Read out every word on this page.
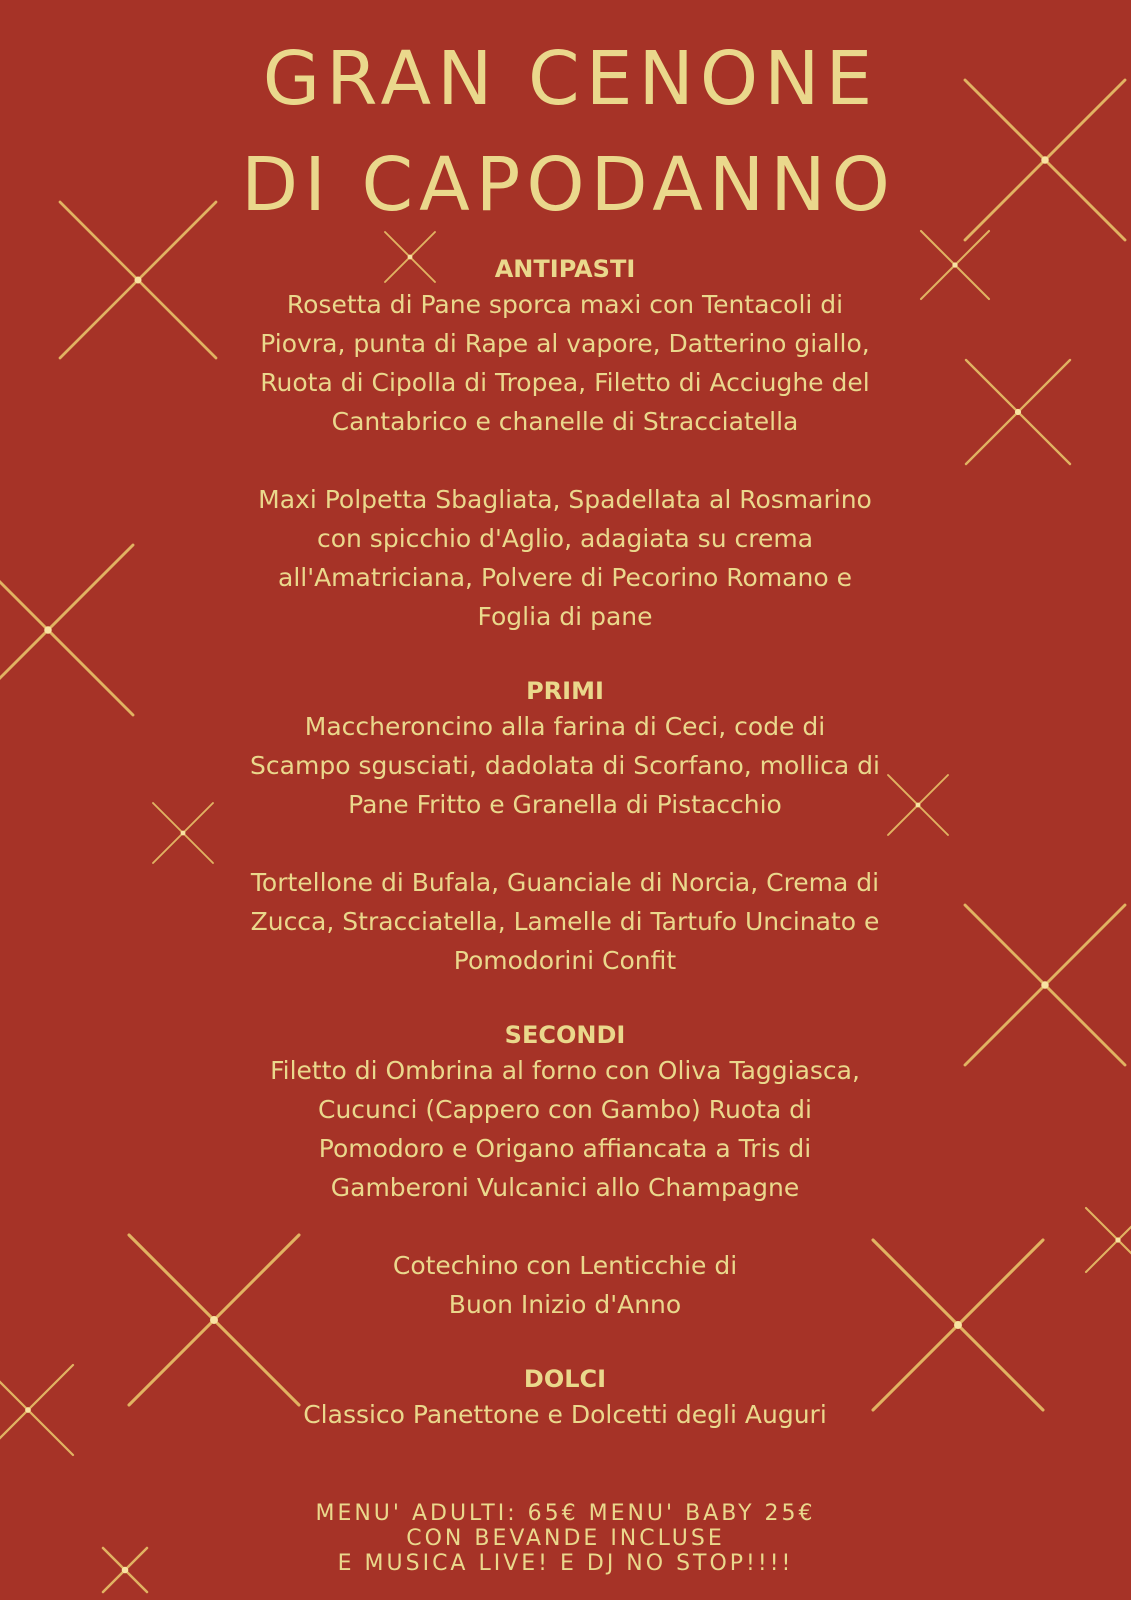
GRAN CENONE
DI CAPODANNO
ANTIPASTI
Rosetta di Pane sporca maxi con Tentacoli di
Piovra, punta di Rape al vapore, Datterino giallo,
Ruota di Cipolla di Tropea, Filetto di Acciughe del
Cantabrico e chanelle di Stracciatella
Maxi Polpetta Sbagliata, Spadellata al Rosmarino
con spicchio d'Aglio, adagiata su crema
all'Amatriciana, Polvere di Pecorino Romano e
Foglia di pane
PRIMI
Maccheroncino alla farina di Ceci, code di
Scampo sgusciati, dadolata di Scorfano, mollica di
Pane Fritto e Granella di Pistacchio
Tortellone di Bufala, Guanciale di Norcia, Crema di
Zucca, Stracciatella, Lamelle di Tartufo Uncinato e
Pomodorini Confit
SECONDI
Filetto di Ombrina al forno con Oliva Taggiasca,
Cucunci (Cappero con Gambo) Ruota di
Pomodoro e Origano affiancata a Tris di
Gamberoni Vulcanici allo Champagne
Cotechino con Lenticchie di
Buon Inizio d'Anno
DOLCI
Classico Panettone e Dolcetti degli Auguri
MENU' ADULTI: 65€ MENU' BABY 25€
CON BEVANDE INCLUSE
E MUSICA LIVE! E DJ NO STOP!!!!
